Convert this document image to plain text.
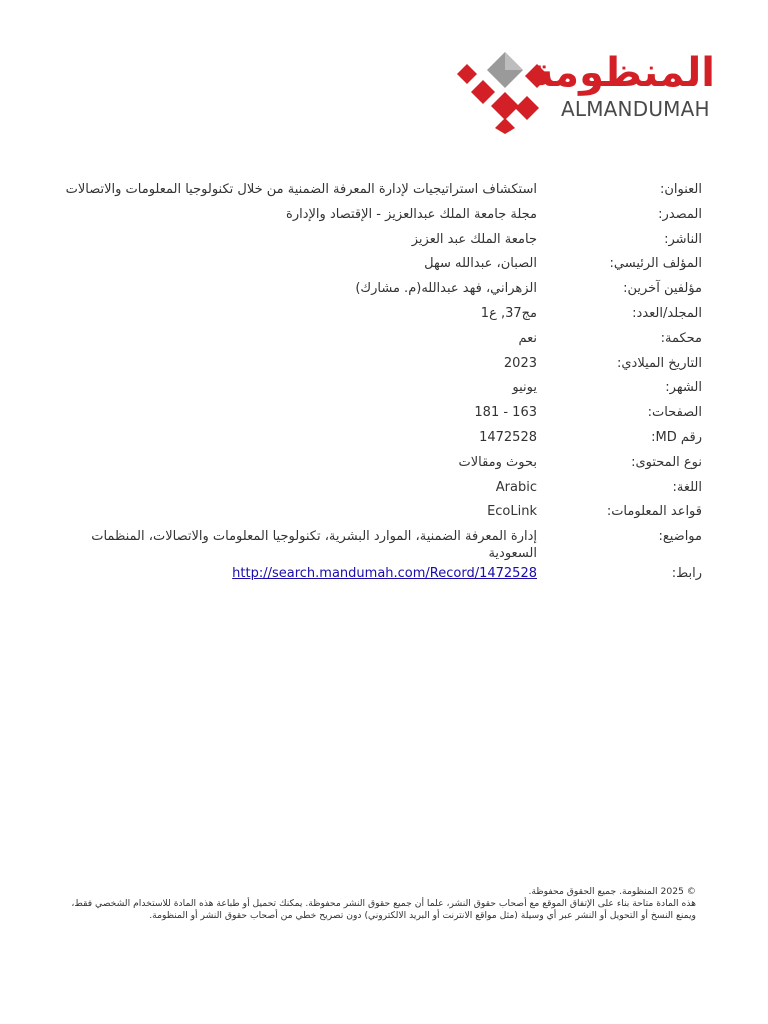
المنظومة
ALMANDUMAH
العنوان:
استكشاف استراتيجيات لإدارة المعرفة الضمنية من خلال تكنولوجيا المعلومات والاتصالات
المصدر:
مجلة جامعة الملك عبدالعزيز - الإقتصاد والإدارة
الناشر:
جامعة الملك عبد العزيز
المؤلف الرئيسي:
الصبان، عبدالله سهل
مؤلفين آخرين:
الزهراني، فهد عبدالله(م. مشارك)
المجلد/العدد:
مج37, ع1
محكمة:
نعم
التاريخ الميلادي:
2023
الشهر:
يونيو
الصفحات:
181 - 163
رقم MD:
1472528
نوع المحتوى:
بحوث ومقالات
اللغة:
Arabic
قواعد المعلومات:
EcoLink
مواضيع:
إدارة المعرفة الضمنية، الموارد البشرية، تكنولوجيا المعلومات والاتصالات، المنظمات السعودية
رابط:
http://search.mandumah.com/Record/1472528
© 2025 المنظومة. جميع الحقوق محفوظة.
هذه المادة متاحة بناء على الإتفاق الموقع مع أصحاب حقوق النشر، علما أن جميع حقوق النشر محفوظة. يمكنك تحميل أو طباعة هذه المادة للاستخدام الشخصي فقط، ويمنع النسخ أو التحويل أو النشر عبر أي وسيلة (مثل مواقع الانترنت أو البريد الالكتروني) دون تصريح خطي من أصحاب حقوق النشر أو المنظومة.
